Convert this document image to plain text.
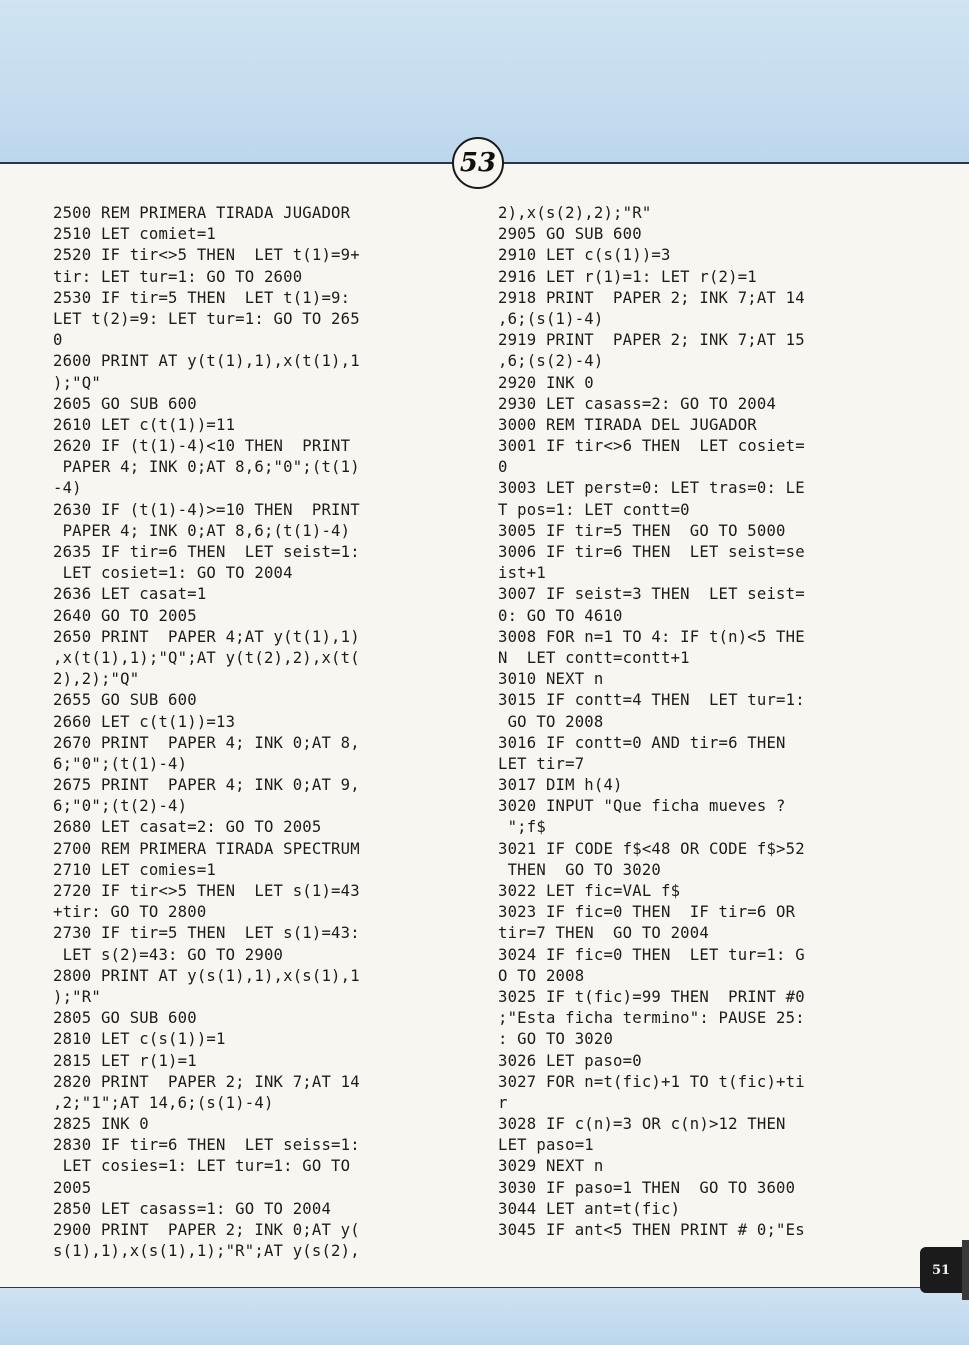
53
2500 REM PRIMERA TIRADA JUGADOR
2510 LET comiet=1
2520 IF tir<>5 THEN  LET t(1)=9+
tir: LET tur=1: GO TO 2600
2530 IF tir=5 THEN  LET t(1)=9:
LET t(2)=9: LET tur=1: GO TO 265
0
2600 PRINT AT y(t(1),1),x(t(1),1
);"Q"
2605 GO SUB 600
2610 LET c(t(1))=11
2620 IF (t(1)-4)<10 THEN  PRINT
PAPER 4; INK 0;AT 8,6;"0";(t(1)
-4)
2630 IF (t(1)-4)>=10 THEN  PRINT
PAPER 4; INK 0;AT 8,6;(t(1)-4)
2635 IF tir=6 THEN  LET seist=1:
LET cosiet=1: GO TO 2004
2636 LET casat=1
2640 GO TO 2005
2650 PRINT  PAPER 4;AT y(t(1),1)
,x(t(1),1);"Q";AT y(t(2),2),x(t(
2),2);"Q"
2655 GO SUB 600
2660 LET c(t(1))=13
2670 PRINT  PAPER 4; INK 0;AT 8,
6;"0";(t(1)-4)
2675 PRINT  PAPER 4; INK 0;AT 9,
6;"0";(t(2)-4)
2680 LET casat=2: GO TO 2005
2700 REM PRIMERA TIRADA SPECTRUM
2710 LET comies=1
2720 IF tir<>5 THEN  LET s(1)=43
+tir: GO TO 2800
2730 IF tir=5 THEN  LET s(1)=43:
LET s(2)=43: GO TO 2900
2800 PRINT AT y(s(1),1),x(s(1),1
);"R"
2805 GO SUB 600
2810 LET c(s(1))=1
2815 LET r(1)=1
2820 PRINT  PAPER 2; INK 7;AT 14
,2;"1";AT 14,6;(s(1)-4)
2825 INK 0
2830 IF tir=6 THEN  LET seiss=1:
LET cosies=1: LET tur=1: GO TO
2005
2850 LET casass=1: GO TO 2004
2900 PRINT  PAPER 2; INK 0;AT y(
s(1),1),x(s(1),1);"R";AT y(s(2),
2),x(s(2),2);"R"
2905 GO SUB 600
2910 LET c(s(1))=3
2916 LET r(1)=1: LET r(2)=1
2918 PRINT  PAPER 2; INK 7;AT 14
,6;(s(1)-4)
2919 PRINT  PAPER 2; INK 7;AT 15
,6;(s(2)-4)
2920 INK 0
2930 LET casass=2: GO TO 2004
3000 REM TIRADA DEL JUGADOR
3001 IF tir<>6 THEN  LET cosiet=
0
3003 LET perst=0: LET tras=0: LE
T pos=1: LET contt=0
3005 IF tir=5 THEN  GO TO 5000
3006 IF tir=6 THEN  LET seist=se
ist+1
3007 IF seist=3 THEN  LET seist=
0: GO TO 4610
3008 FOR n=1 TO 4: IF t(n)<5 THE
N  LET contt=contt+1
3010 NEXT n
3015 IF contt=4 THEN  LET tur=1:
GO TO 2008
3016 IF contt=0 AND tir=6 THEN
LET tir=7
3017 DIM h(4)
3020 INPUT "Que ficha mueves ?
";f$
3021 IF CODE f$<48 OR CODE f$>52
THEN  GO TO 3020
3022 LET fic=VAL f$
3023 IF fic=0 THEN  IF tir=6 OR
tir=7 THEN  GO TO 2004
3024 IF fic=0 THEN  LET tur=1: G
O TO 2008
3025 IF t(fic)=99 THEN  PRINT #0
;"Esta ficha termino": PAUSE 25:
: GO TO 3020
3026 LET paso=0
3027 FOR n=t(fic)+1 TO t(fic)+ti
r
3028 IF c(n)=3 OR c(n)>12 THEN
LET paso=1
3029 NEXT n
3030 IF paso=1 THEN  GO TO 3600
3044 LET ant=t(fic)
3045 IF ant<5 THEN PRINT # 0;"Es
51
